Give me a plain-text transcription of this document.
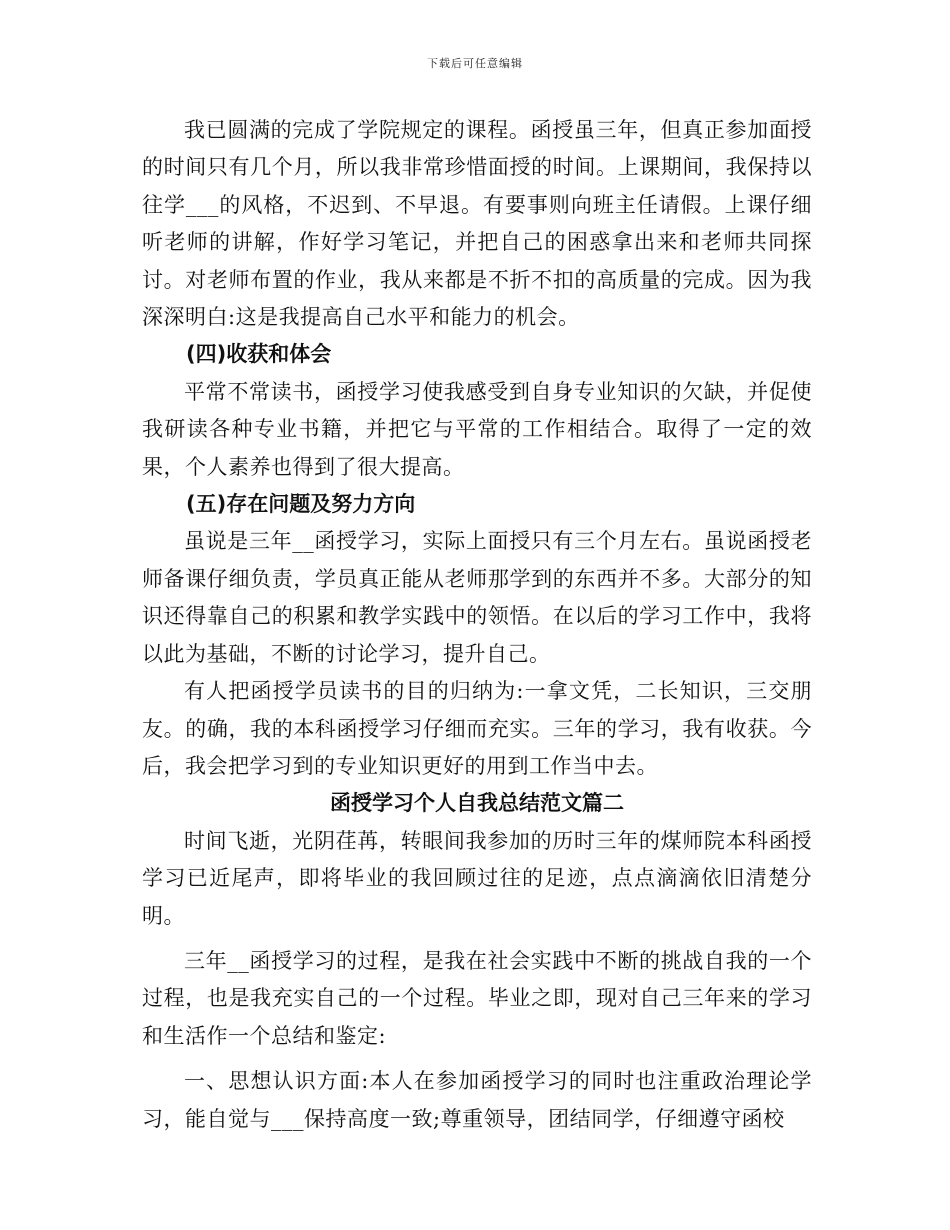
下载后可任意编辑

我已圆满的完成了学院规定的课程。函授虽三年，但真正参加面授的时间只有几个月，所以我非常珍惜面授的时间。上课期间，我保持以往学___的风格，不迟到、不早退。有要事则向班主任请假。上课仔细听老师的讲解，作好学习笔记，并把自己的困惑拿出来和老师共同探讨。对老师布置的作业，我从来都是不折不扣的高质量的完成。因为我深深明白:这是我提高自己水平和能力的机会。

(四)收获和体会

平常不常读书，函授学习使我感受到自身专业知识的欠缺，并促使我研读各种专业书籍，并把它与平常的工作相结合。取得了一定的效果，个人素养也得到了很大提高。

(五)存在问题及努力方向

虽说是三年__函授学习，实际上面授只有三个月左右。虽说函授老师备课仔细负责，学员真正能从老师那学到的东西并不多。大部分的知识还得靠自己的积累和教学实践中的领悟。在以后的学习工作中，我将以此为基础，不断的讨论学习，提升自己。

有人把函授学员读书的目的归纳为:一拿文凭，二长知识，三交朋友。的确，我的本科函授学习仔细而充实。三年的学习，我有收获。今后，我会把学习到的专业知识更好的用到工作当中去。

函授学习个人自我总结范文篇二

时间飞逝，光阴荏苒，转眼间我参加的历时三年的煤师院本科函授学习已近尾声，即将毕业的我回顾过往的足迹，点点滴滴依旧清楚分明。

三年__函授学习的过程，是我在社会实践中不断的挑战自我的一个过程，也是我充实自己的一个过程。毕业之即，现对自己三年来的学习和生活作一个总结和鉴定:

一、思想认识方面:本人在参加函授学习的同时也注重政治理论学习，能自觉与___保持高度一致;尊重领导，团结同学，仔细遵守函校
